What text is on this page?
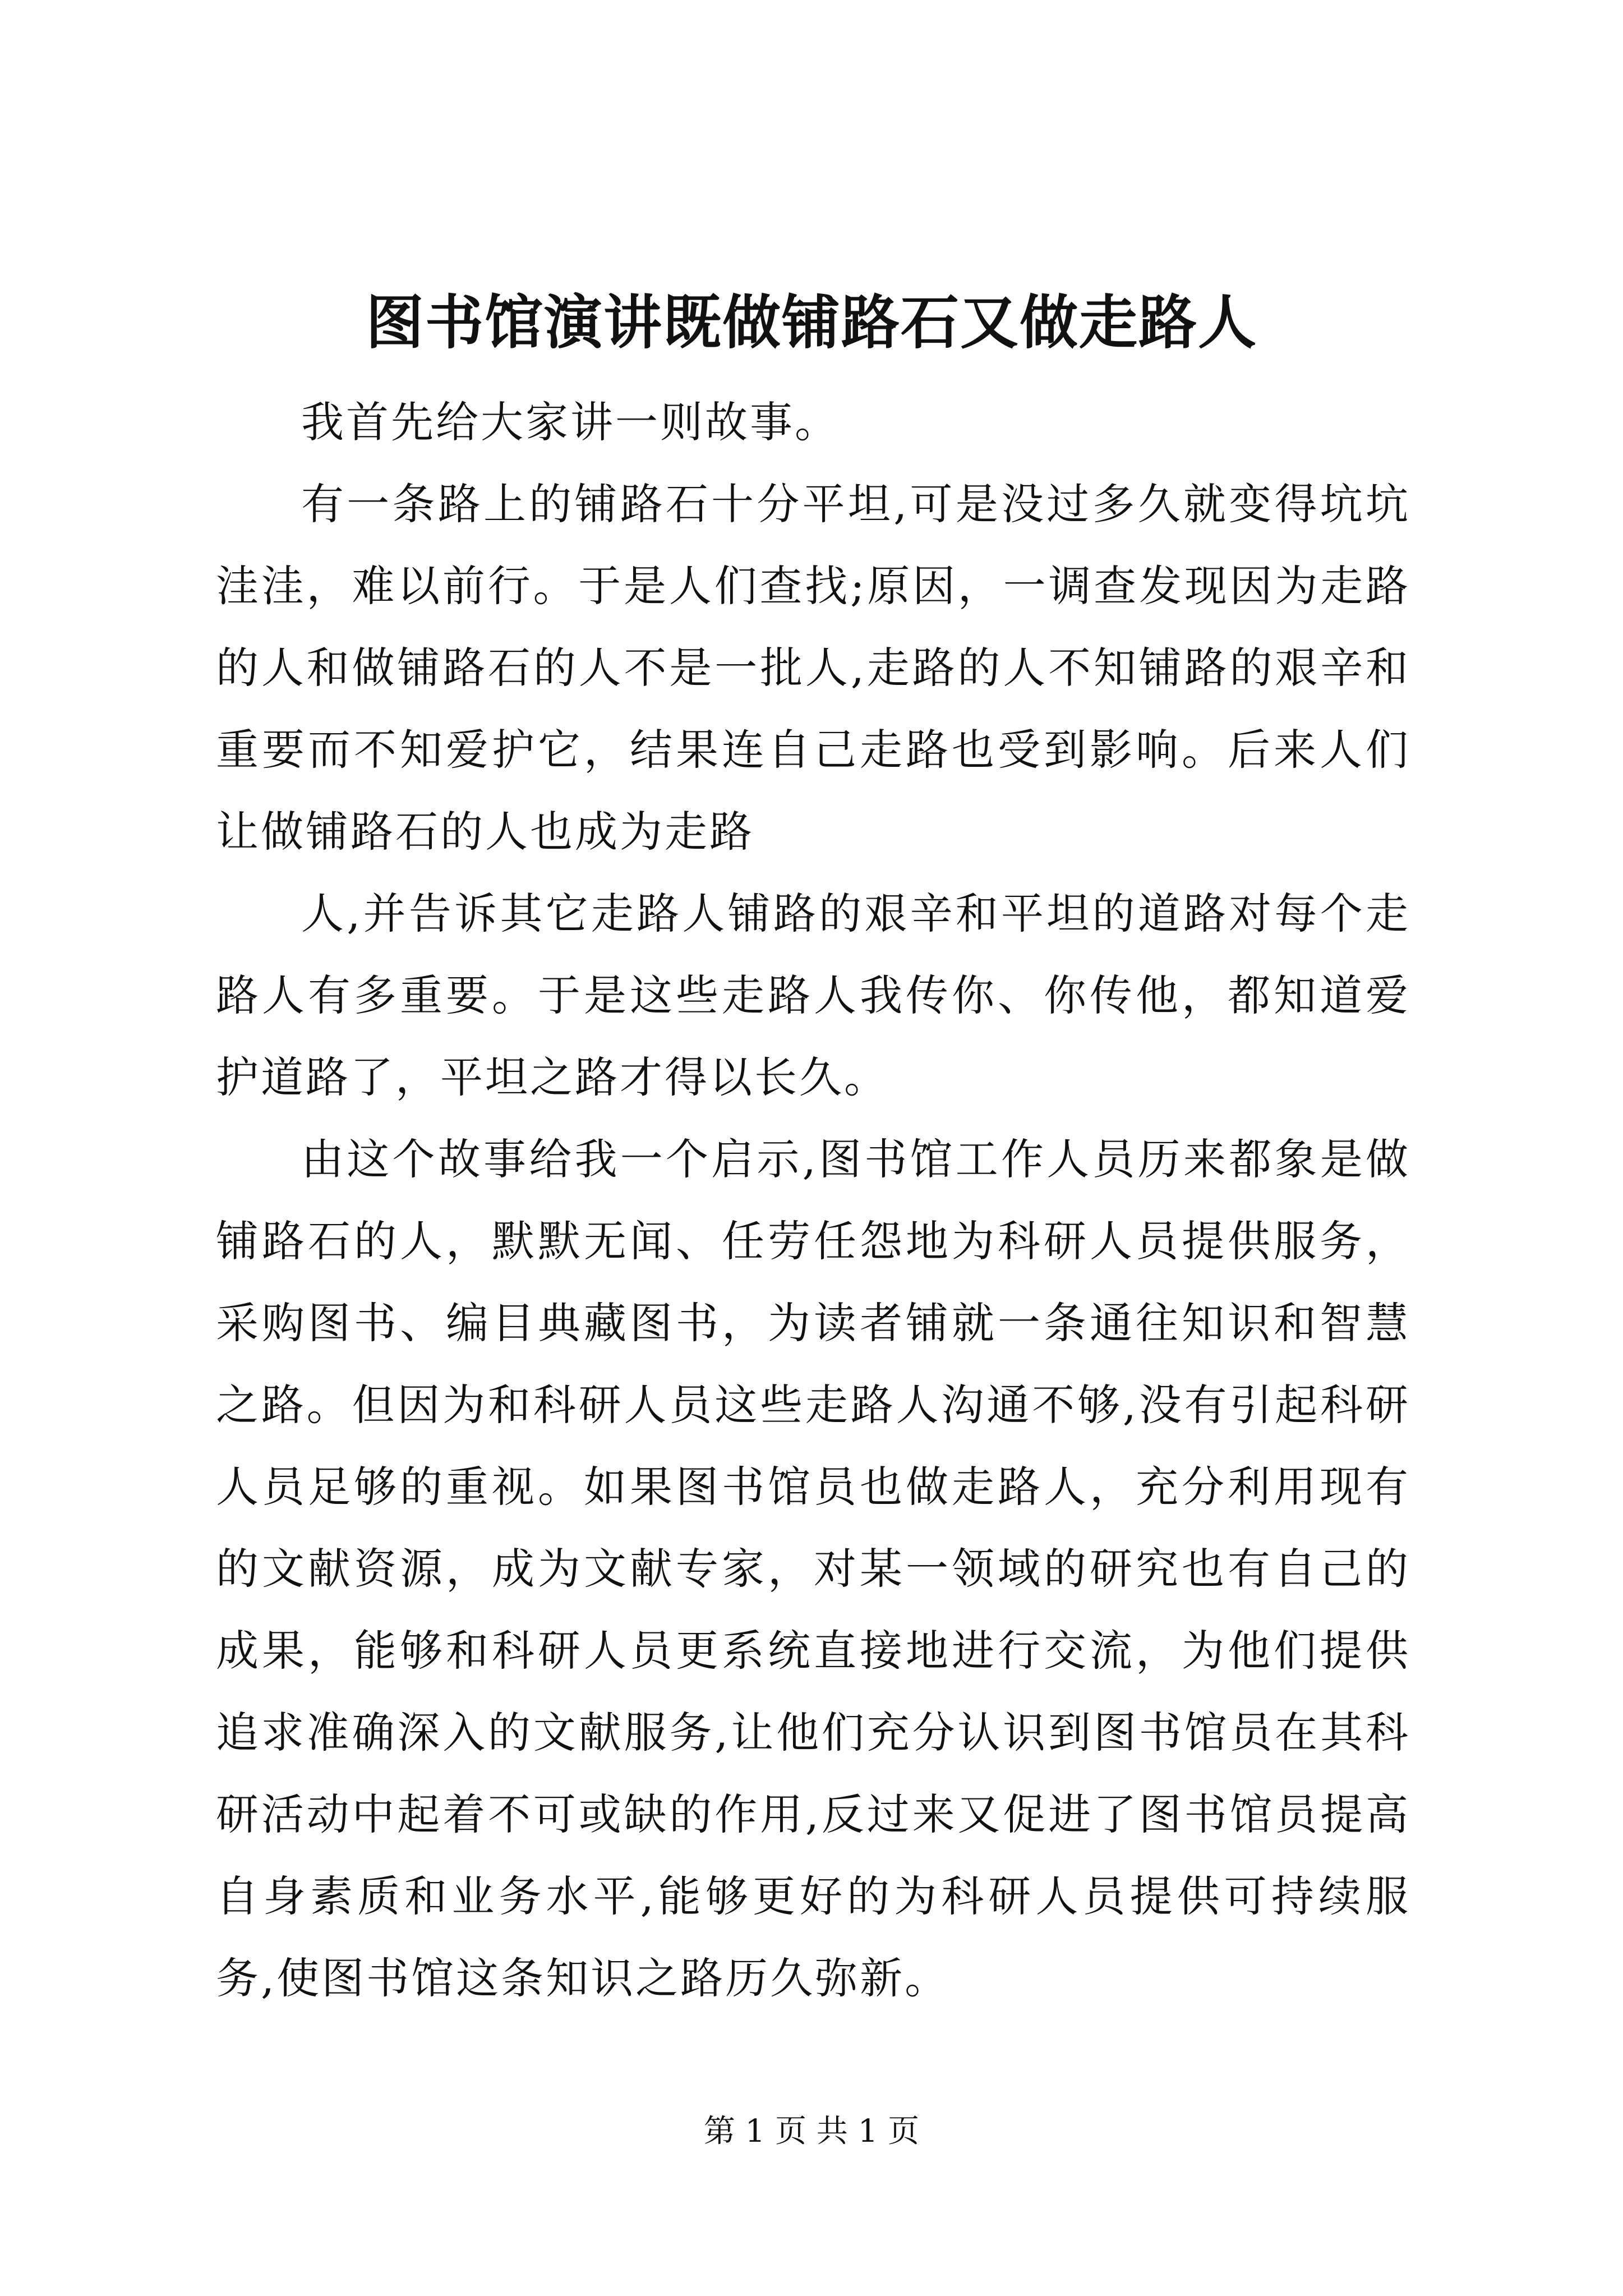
图书馆演讲既做铺路石又做走路人

我首先给大家讲一则故事。

有一条路上的铺路石十分平坦,可是没过多久就变得坑坑洼洼，难以前行。于是人们查找;原因，一调查发现因为走路的人和做铺路石的人不是一批人,走路的人不知铺路的艰辛和重要而不知爱护它，结果连自己走路也受到影响。后来人们让做铺路石的人也成为走路

人,并告诉其它走路人铺路的艰辛和平坦的道路对每个走路人有多重要。于是这些走路人我传你、你传他，都知道爱护道路了，平坦之路才得以长久。

由这个故事给我一个启示,图书馆工作人员历来都象是做铺路石的人，默默无闻、任劳任怨地为科研人员提供服务，采购图书、编目典藏图书，为读者铺就一条通往知识和智慧之路。但因为和科研人员这些走路人沟通不够,没有引起科研人员足够的重视。如果图书馆员也做走路人，充分利用现有的文献资源，成为文献专家，对某一领域的研究也有自己的成果，能够和科研人员更系统直接地进行交流，为他们提供追求准确深入的文献服务,让他们充分认识到图书馆员在其科研活动中起着不可或缺的作用,反过来又促进了图书馆员提高自身素质和业务水平,能够更好的为科研人员提供可持续服务,使图书馆这条知识之路历久弥新。

第 1 页 共 1 页
